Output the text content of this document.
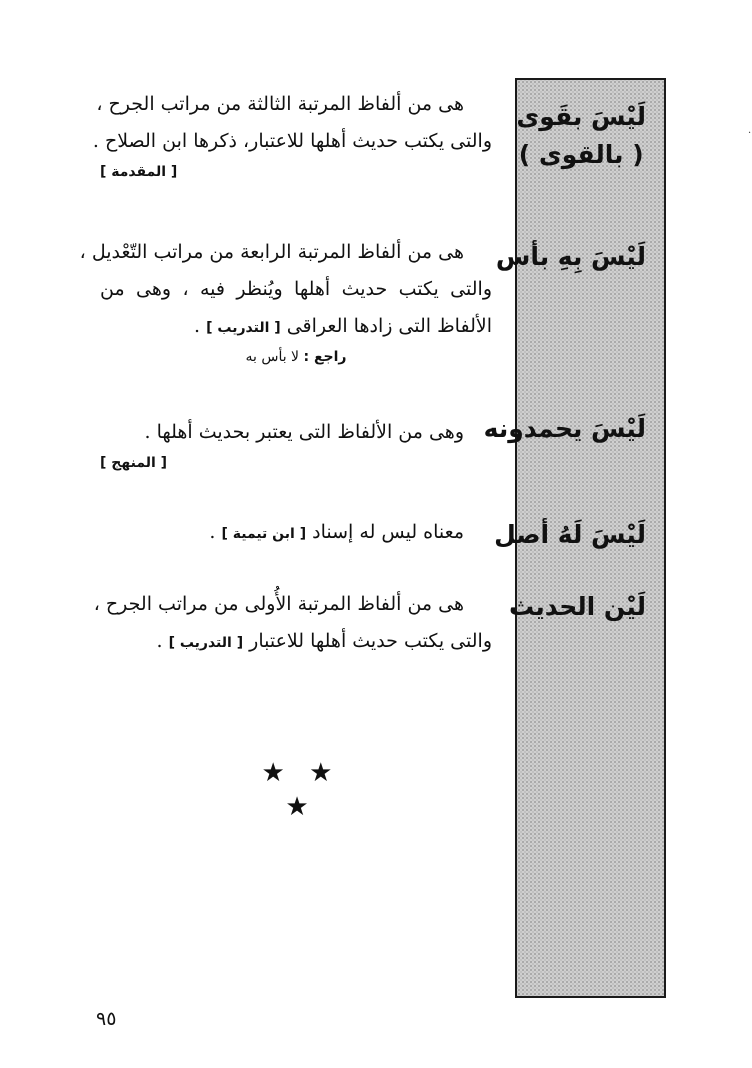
·
لَيْسَ بقَوى
( بالقوى )
لَيْسَ بِهِ بأس
لَيْسَ يحمدونه
لَيْسَ لَهُ أصل
لَيْن الحديث
هى من ألفاظ المرتبة الثالثة من مراتب الجرح ،
والتى يكتب حديث أهلها للاعتبار، ذكرها ابن الصلاح .
[ المقدمة ]
هى من ألفاظ المرتبة الرابعة من مراتب التّعْديل ،
والتى يكتب حديث أهلها ويُنظر فيه ، وهى من
الألفاظ التى زادها العراقى [ التدريب ] .
راجع : لا بأس به
وهى من الألفاظ التى يعتبر بحديث أهلها .
[ المنهج ]
معناه ليس له إسناد [ ابن تيمية ] .
هى من ألفاظ المرتبة الأُولى من مراتب الجرح ،
والتى يكتب حديث أهلها للاعتبار [ التدريب ] .
★ ★ ★
٩٥
